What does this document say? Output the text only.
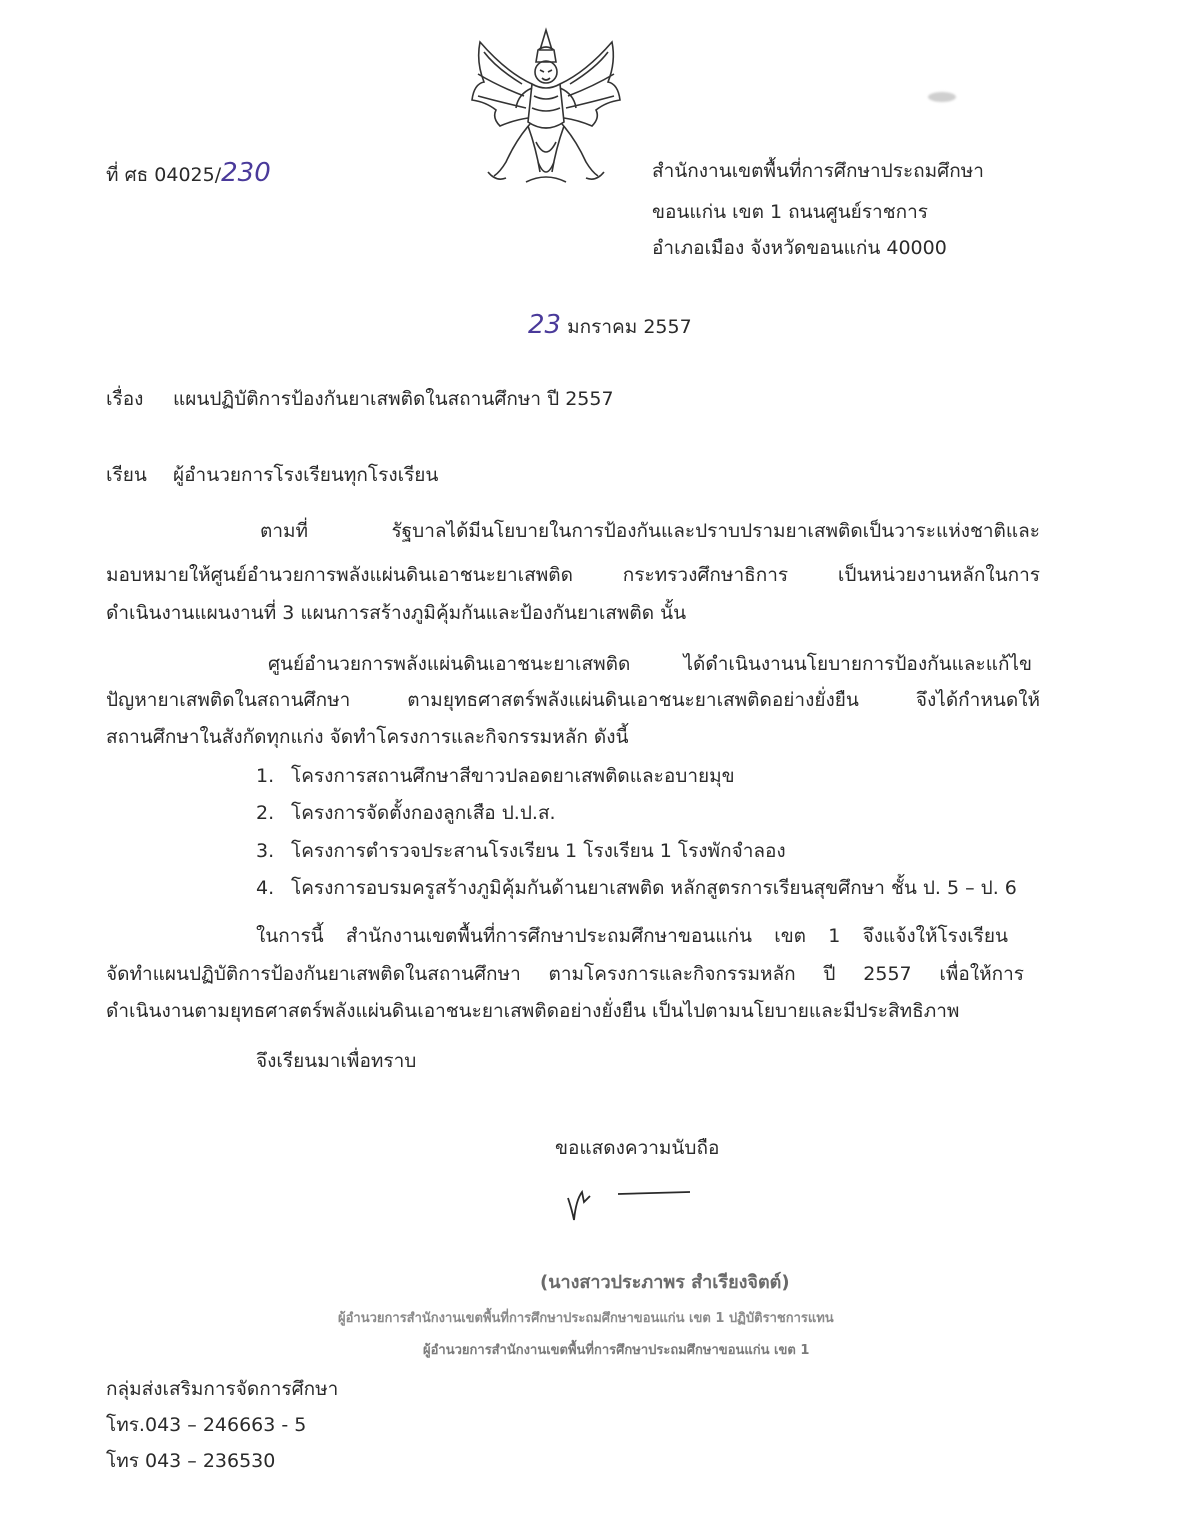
ที่ ศธ 04025/230	สำนักงานเขตพื้นที่การศึกษาประถมศึกษา
ขอนแก่น เขต 1 ถนนศูนย์ราชการ
อำเภอเมือง จังหวัดขอนแก่น 40000
23 มกราคม 2557
เรื่อง แผนปฏิบัติการป้องกันยาเสพติดในสถานศึกษา ปี 2557
เรียน ผู้อำนวยการโรงเรียนทุกโรงเรียน
ตามที่ รัฐบาลได้มีนโยบายในการป้องกันและปราบปรามยาเสพติดเป็นวาระแห่งชาติและ
มอบหมายให้ศูนย์อำนวยการพลังแผ่นดินเอาชนะยาเสพติด กระทรวงศึกษาธิการ เป็นหน่วยงานหลักในการ
ดำเนินงานแผนงานที่ 3 แผนการสร้างภูมิคุ้มกันและป้องกันยาเสพติด นั้น
ศูนย์อำนวยการพลังแผ่นดินเอาชนะยาเสพติด ได้ดำเนินงานนโยบายการป้องกันและแก้ไข
ปัญหายาเสพติดในสถานศึกษา ตามยุทธศาสตร์พลังแผ่นดินเอาชนะยาเสพติดอย่างยั่งยืน จึงได้กำหนดให้
สถานศึกษาในสังกัดทุกแก่ง จัดทำโครงการและกิจกรรมหลัก ดังนี้
1. โครงการสถานศึกษาสีขาวปลอดยาเสพติดและอบายมุข
2. โครงการจัดตั้งกองลูกเสือ ป.ป.ส.
3. โครงการตำรวจประสานโรงเรียน 1 โรงเรียน 1 โรงพักจำลอง
4. โครงการอบรมครูสร้างภูมิคุ้มกันด้านยาเสพติด หลักสูตรการเรียนสุขศึกษา ชั้น ป. 5 – ป. 6
ในการนี้ สำนักงานเขตพื้นที่การศึกษาประถมศึกษาขอนแก่น เขต 1 จึงแจ้งให้โรงเรียน
จัดทำแผนปฏิบัติการป้องกันยาเสพติดในสถานศึกษา ตามโครงการและกิจกรรมหลัก ปี 2557 เพื่อให้การ
ดำเนินงานตามยุทธศาสตร์พลังแผ่นดินเอาชนะยาเสพติดอย่างยั่งยืน เป็นไปตามนโยบายและมีประสิทธิภาพ
จึงเรียนมาเพื่อทราบ
ขอแสดงความนับถือ
(นางสาวประภาพร สำเรียงจิตต์)
ผู้อำนวยการสำนักงานเขตพื้นที่การศึกษาประถมศึกษาขอนแก่น เขต 1 ปฏิบัติราชการแทน
ผู้อำนวยการสำนักงานเขตพื้นที่การศึกษาประถมศึกษาขอนแก่น เขต 1
กลุ่มส่งเสริมการจัดการศึกษา
โทร.043 – 246663 - 5
โทร 043 – 236530
